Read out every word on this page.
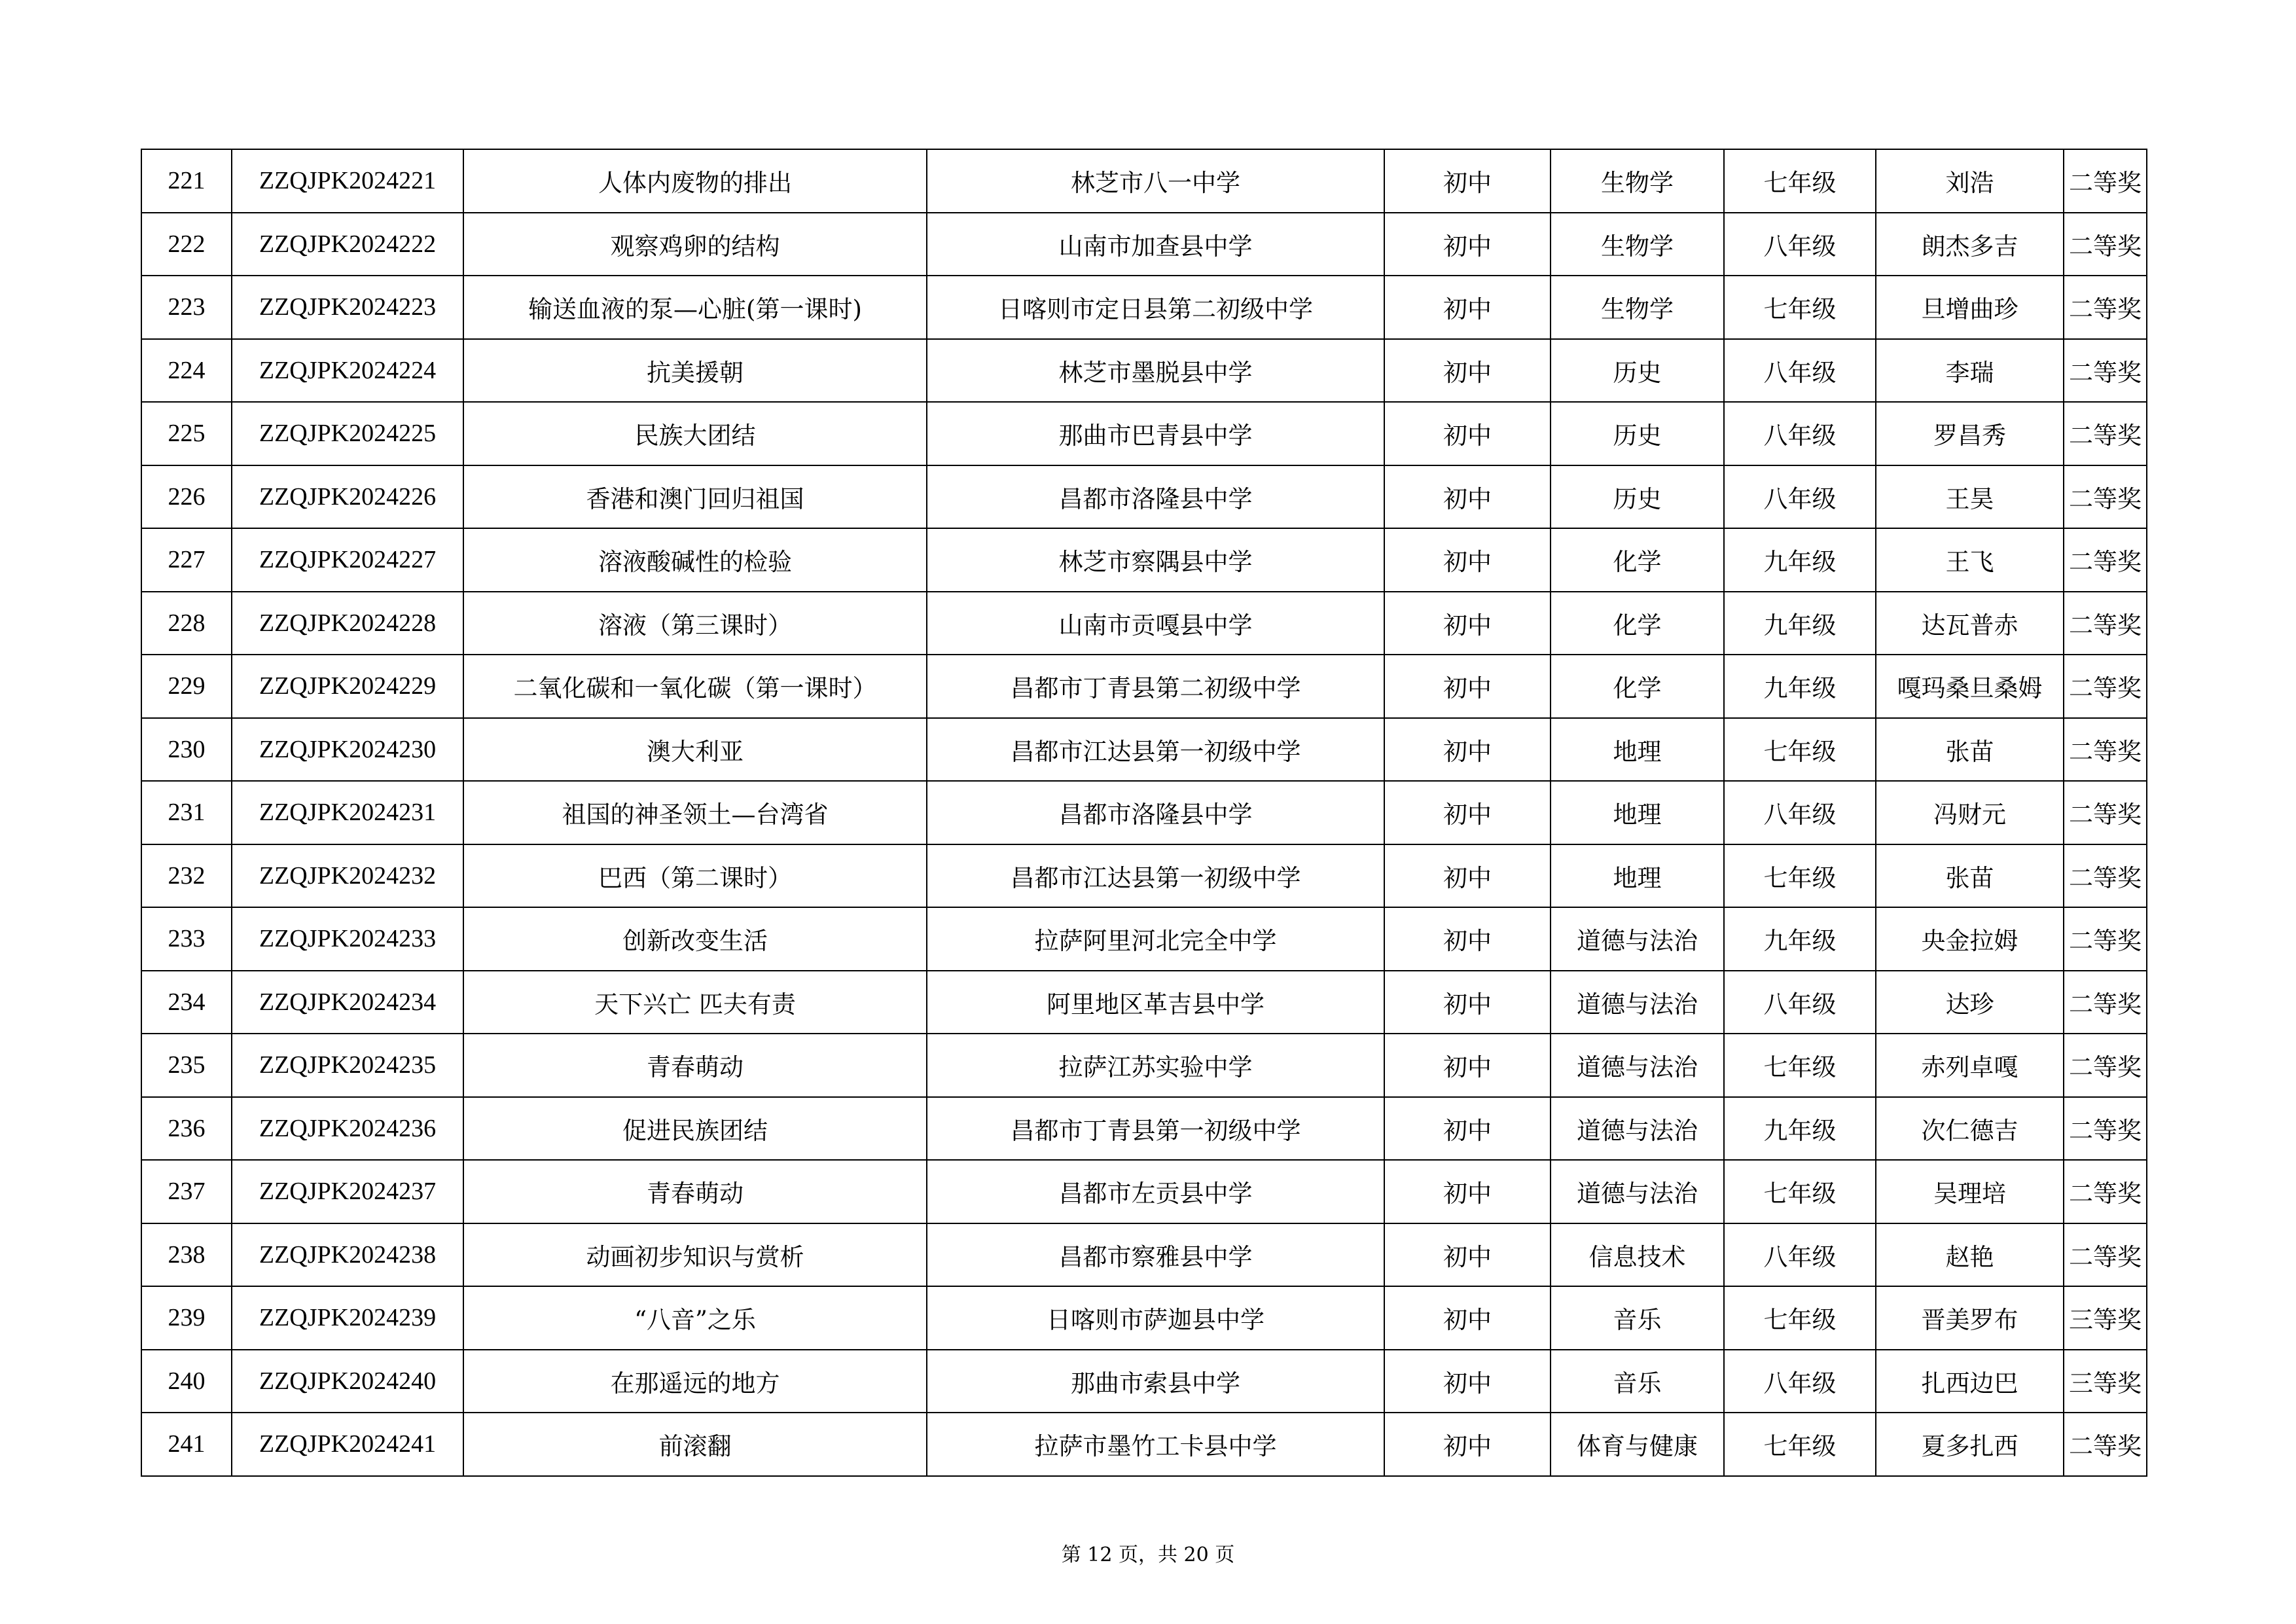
221	ZZQJPK2024221	人体内废物的排出	林芝市八一中学	初中	生物学	七年级	刘浩	二等奖
222	ZZQJPK2024222	观察鸡卵的结构	山南市加查县中学	初中	生物学	八年级	朗杰多吉	二等奖
223	ZZQJPK2024223	输送血液的泵—心脏(第一课时)	日喀则市定日县第二初级中学	初中	生物学	七年级	旦增曲珍	二等奖
224	ZZQJPK2024224	抗美援朝	林芝市墨脱县中学	初中	历史	八年级	李瑞	二等奖
225	ZZQJPK2024225	民族大团结	那曲市巴青县中学	初中	历史	八年级	罗昌秀	二等奖
226	ZZQJPK2024226	香港和澳门回归祖国	昌都市洛隆县中学	初中	历史	八年级	王昊	二等奖
227	ZZQJPK2024227	溶液酸碱性的检验	林芝市察隅县中学	初中	化学	九年级	王飞	二等奖
228	ZZQJPK2024228	溶液（第三课时）	山南市贡嘎县中学	初中	化学	九年级	达瓦普赤	二等奖
229	ZZQJPK2024229	二氧化碳和一氧化碳（第一课时）	昌都市丁青县第二初级中学	初中	化学	九年级	嘎玛桑旦桑姆	二等奖
230	ZZQJPK2024230	澳大利亚	昌都市江达县第一初级中学	初中	地理	七年级	张苗	二等奖
231	ZZQJPK2024231	祖国的神圣领土—台湾省	昌都市洛隆县中学	初中	地理	八年级	冯财元	二等奖
232	ZZQJPK2024232	巴西（第二课时）	昌都市江达县第一初级中学	初中	地理	七年级	张苗	二等奖
233	ZZQJPK2024233	创新改变生活	拉萨阿里河北完全中学	初中	道德与法治	九年级	央金拉姆	二等奖
234	ZZQJPK2024234	天下兴亡 匹夫有责	阿里地区革吉县中学	初中	道德与法治	八年级	达珍	二等奖
235	ZZQJPK2024235	青春萌动	拉萨江苏实验中学	初中	道德与法治	七年级	赤列卓嘎	二等奖
236	ZZQJPK2024236	促进民族团结	昌都市丁青县第一初级中学	初中	道德与法治	九年级	次仁德吉	二等奖
237	ZZQJPK2024237	青春萌动	昌都市左贡县中学	初中	道德与法治	七年级	吴理培	二等奖
238	ZZQJPK2024238	动画初步知识与赏析	昌都市察雅县中学	初中	信息技术	八年级	赵艳	二等奖
239	ZZQJPK2024239	“八音”之乐	日喀则市萨迦县中学	初中	音乐	七年级	晋美罗布	三等奖
240	ZZQJPK2024240	在那遥远的地方	那曲市索县中学	初中	音乐	八年级	扎西边巴	三等奖
241	ZZQJPK2024241	前滚翻	拉萨市墨竹工卡县中学	初中	体育与健康	七年级	夏多扎西	二等奖
第 12 页，共 20 页
